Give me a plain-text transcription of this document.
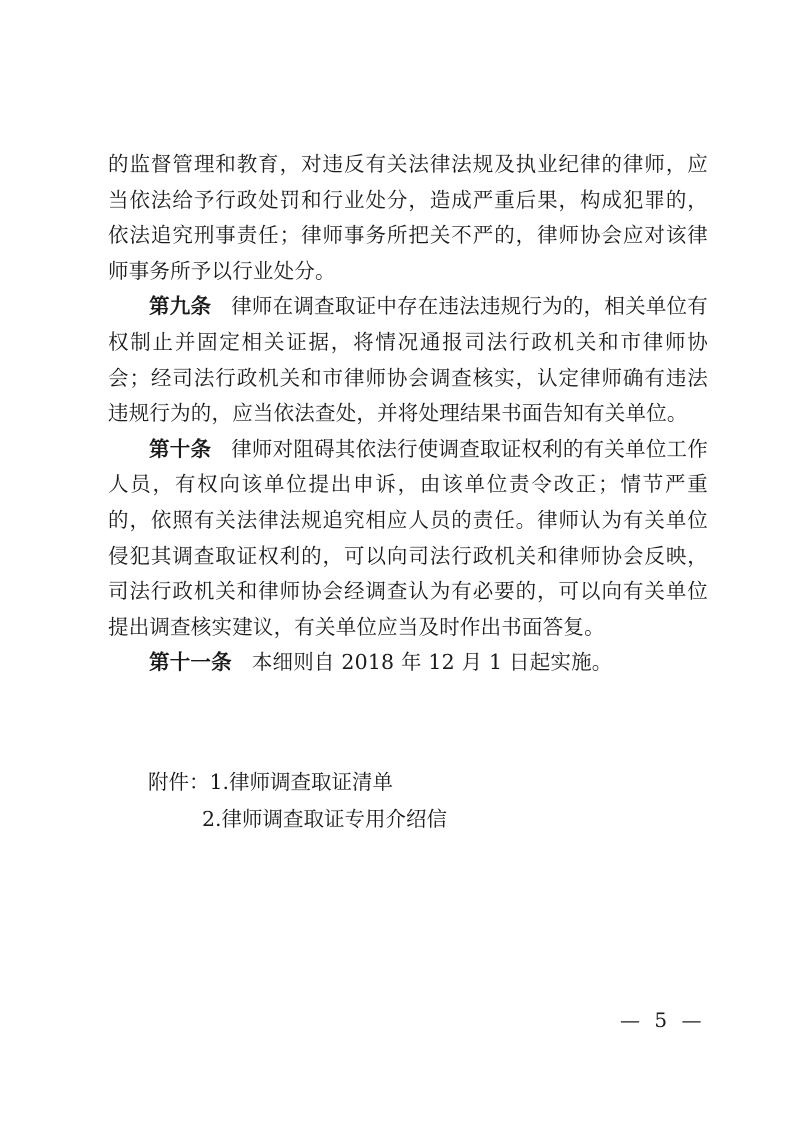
的监督管理和教育，对违反有关法律法规及执业纪律的律师，应当依法给予行政处罚和行业处分，造成严重后果，构成犯罪的，依法追究刑事责任；律师事务所把关不严的，律师协会应对该律师事务所予以行业处分。

第九条 律师在调查取证中存在违法违规行为的，相关单位有权制止并固定相关证据，将情况通报司法行政机关和市律师协会；经司法行政机关和市律师协会调查核实，认定律师确有违法违规行为的，应当依法查处，并将处理结果书面告知有关单位。

第十条 律师对阻碍其依法行使调查取证权利的有关单位工作人员，有权向该单位提出申诉，由该单位责令改正；情节严重的，依照有关法律法规追究相应人员的责任。律师认为有关单位侵犯其调查取证权利的，可以向司法行政机关和律师协会反映，司法行政机关和律师协会经调查认为有必要的，可以向有关单位提出调查核实建议，有关单位应当及时作出书面答复。

第十一条 本细则自 2018 年 12 月 1 日起实施。

附件：1.律师调查取证清单
2.律师调查取证专用介绍信
— 5 —
